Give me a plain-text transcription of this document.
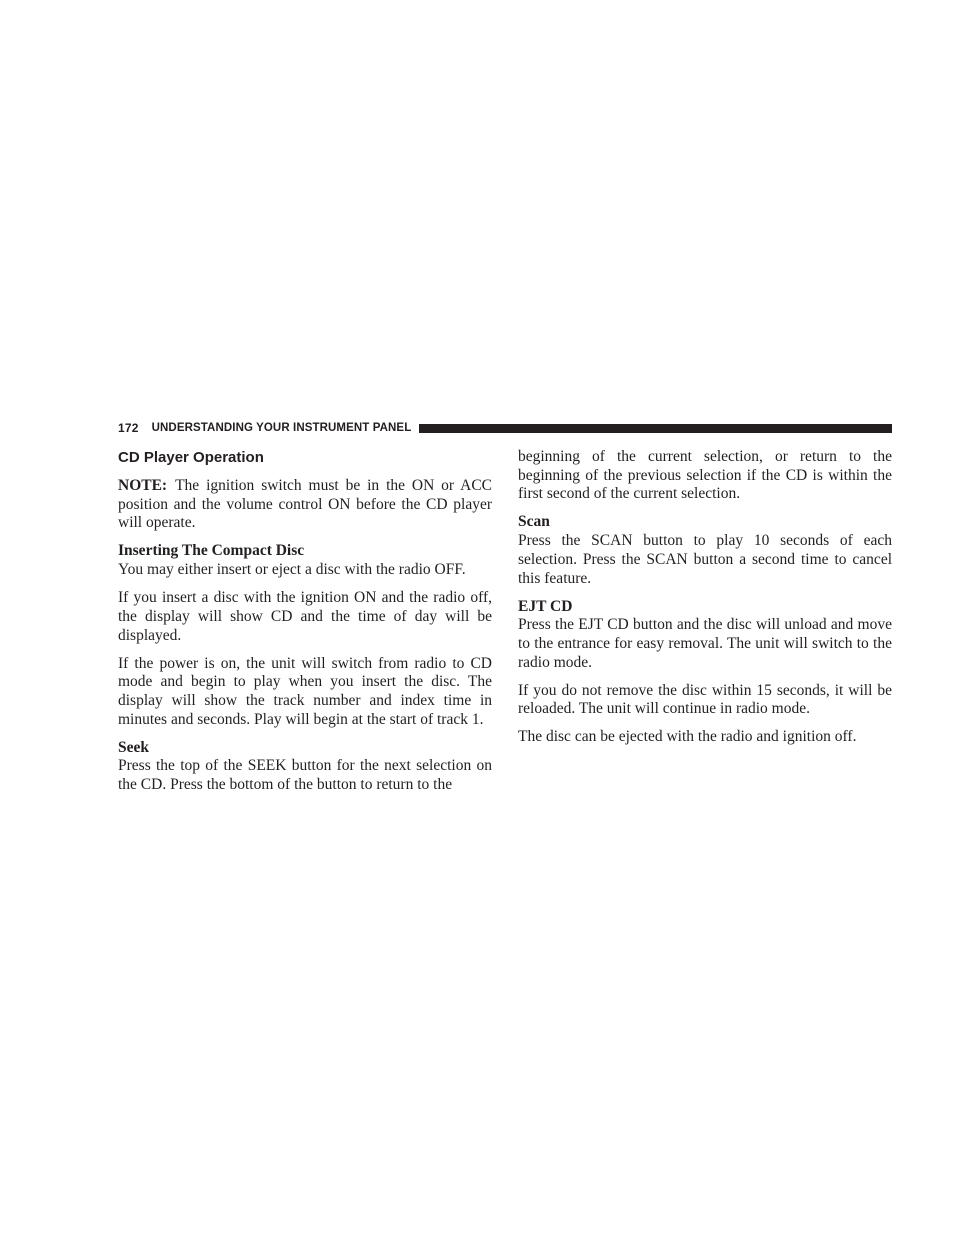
172 UNDERSTANDING YOUR INSTRUMENT PANEL
CD Player Operation

NOTE: The ignition switch must be in the ON or ACC position and the volume control ON before the CD player will operate.

Inserting The Compact Disc

You may either insert or eject a disc with the radio OFF.

If you insert a disc with the ignition ON and the radio off, the display will show CD and the time of day will be displayed.

If the power is on, the unit will switch from radio to CD mode and begin to play when you insert the disc. The display will show the track number and index time in minutes and seconds. Play will begin at the start of track 1.

Seek

Press the top of the SEEK button for the next selection on the CD. Press the bottom of the button to return to the

beginning of the current selection, or return to the beginning of the previous selection if the CD is within the first second of the current selection.

Scan

Press the SCAN button to play 10 seconds of each selection. Press the SCAN button a second time to cancel this feature.

EJT CD

Press the EJT CD button and the disc will unload and move to the entrance for easy removal. The unit will switch to the radio mode.

If you do not remove the disc within 15 seconds, it will be reloaded. The unit will continue in radio mode.

The disc can be ejected with the radio and ignition off.
